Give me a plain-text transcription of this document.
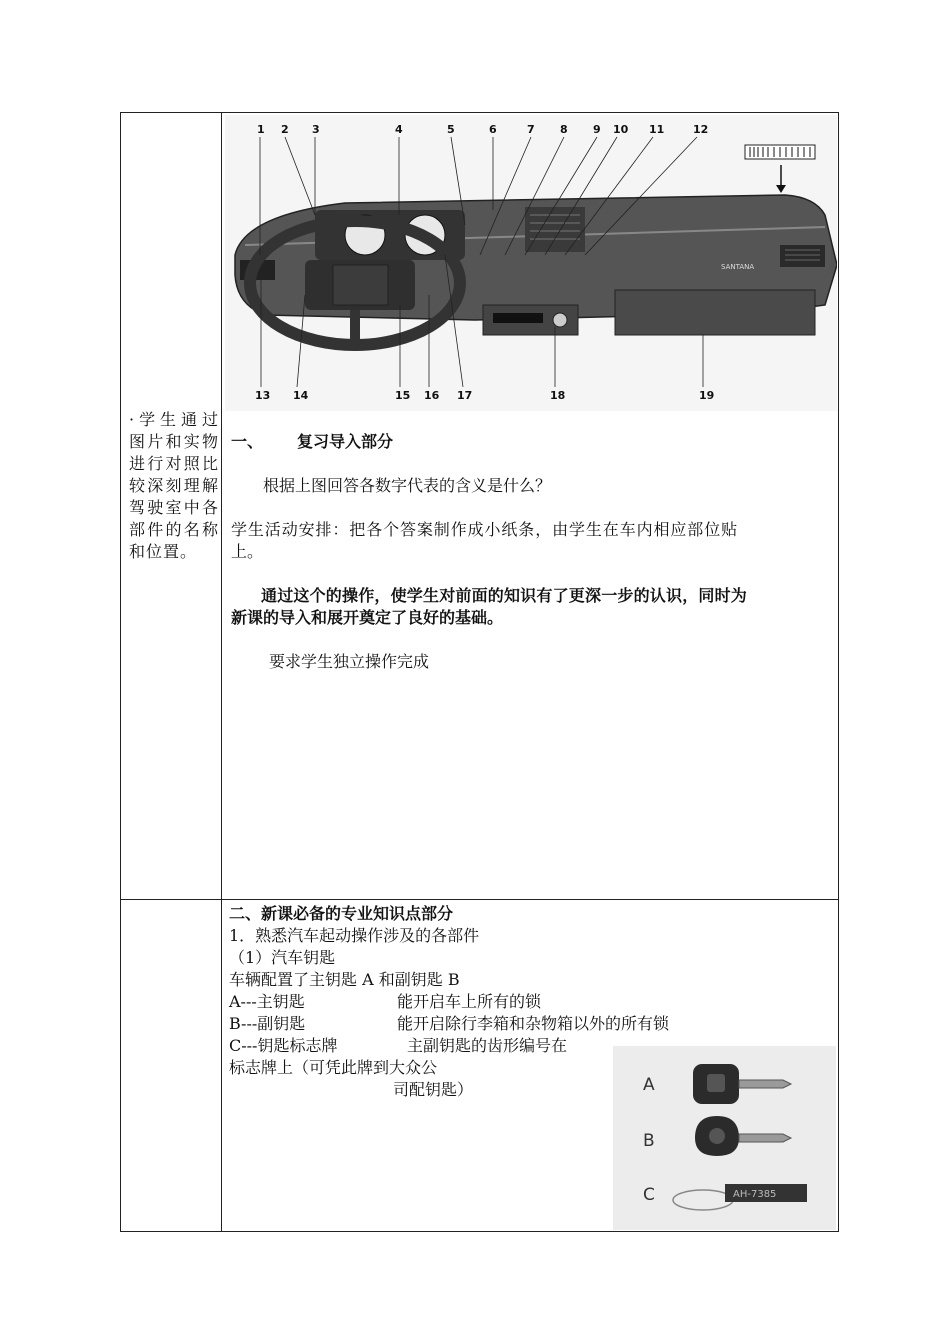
·学生通过图片和实物进行对照比较深刻理解驾驶室中各部件的名称和位置。
1 2 3	4	5	6	7 8 9 10 11	12
13 14	15 16 17	18	19
SANTANA
一、 复习导入部分
根据上图回答各数字代表的含义是什么？
学生活动安排：把各个答案制作成小纸条，由学生在车内相应部位贴
上。
通过这个的操作，使学生对前面的知识有了更深一步的认识，同时为
新课的导入和展开奠定了良好的基础。
要求学生独立操作完成
二、新课必备的专业知识点部分
1．熟悉汽车起动操作涉及的各部件
（1）汽车钥匙
车辆配置了主钥匙 A 和副钥匙 B
A---主钥匙	能开启车上所有的锁
B---副钥匙	能开启除行李箱和杂物箱以外的所有锁
C---钥匙标志牌	主副钥匙的齿形编号在
标志牌上（可凭此牌到大众公
司配钥匙）	A
B
C	AH-7385
